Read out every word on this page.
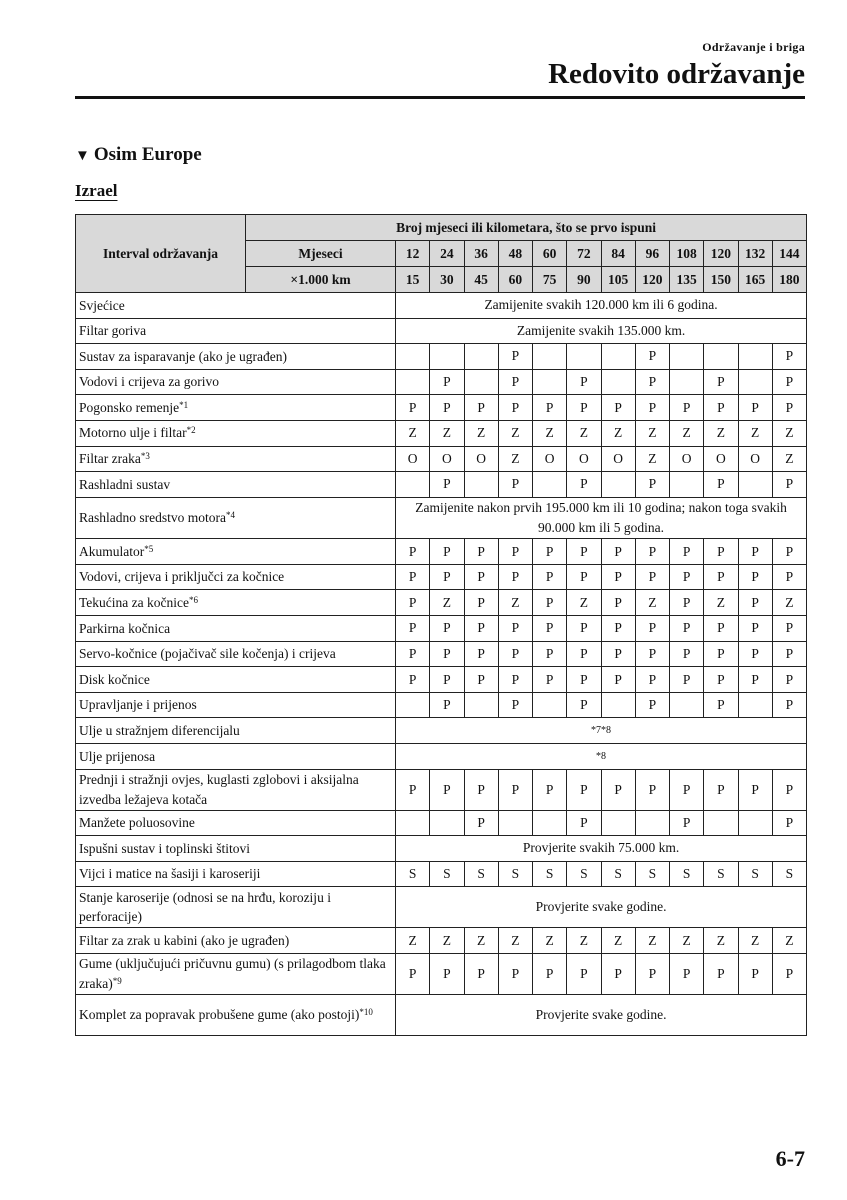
Održavanje i briga
Redovito održavanje
▼ Osim Europe
Izrael
Interval održavanja	Broj mjeseci ili kilometara, što se prvo ispuni												
	Mjeseci	12	24	36	48	60	72	84	96	108	120	132	144
	×1.000 km	15	30	45	60	75	90	105	120	135	150	165	180
Svjećice		Zamijenite svakih 120.000 km ili 6 godina.											
Filtar goriva		Zamijenite svakih 135.000 km.											
Sustav za isparavanje (ako je ugrađen)					P				P				P
Vodovi i crijeva za gorivo			P		P		P		P		P		P
Pogonsko remenje$^{*1}$		P	P	P	P	P	P	P	P	P	P	P	P
Motorno ulje i filtar$^{*2}$		Z	Z	Z	Z	Z	Z	Z	Z	Z	Z	Z	Z
Filtar zraka$^{*3}$		O	O	O	Z	O	O	O	Z	O	O	O	Z
Rashladni sustav			P		P		P		P		P		P
Rashladno sredstvo motora$^{*4}$		Zamijenite nakon prvih 195.000 km ili 10 godina; nakon toga svakih 90.000 km ili 5 godina.											
Akumulator$^{*5}$		P	P	P	P	P	P	P	P	P	P	P	P
Vodovi, crijeva i priključci za kočnice		P	P	P	P	P	P	P	P	P	P	P	P
Tekućina za kočnice$^{*6}$		P	Z	P	Z	P	Z	P	Z	P	Z	P	Z
Parkirna kočnica		P	P	P	P	P	P	P	P	P	P	P	P
Servo-kočnice (pojačivač sile kočenja) i crijeva		P	P	P	P	P	P	P	P	P	P	P	P
Disk kočnice		P	P	P	P	P	P	P	P	P	P	P	P
Upravljanje i prijenos			P		P		P		P		P		P
Ulje u stražnjem diferencijalu		*7*8											
Ulje prijenosa		*8											
Prednji i stražnji ovjes, kuglasti zglobovi i aksijalna izvedba ležajeva kotača		P	P	P	P	P	P	P	P	P	P	P	P
Manžete poluosovine				P			P			P			P
Ispušni sustav i toplinski štitovi		Provjerite svakih 75.000 km.											
Vijci i matice na šasiji i karoseriji		S	S	S	S	S	S	S	S	S	S	S	S
Stanje karoserije (odnosi se na hrđu, koroziju i perforacije)		Provjerite svake godine.											
Filtar za zrak u kabini (ako je ugrađen)		Z	Z	Z	Z	Z	Z	Z	Z	Z	Z	Z	Z
Gume (uključujući pričuvnu gumu) (s prilagodbom tlaka zraka)$^{*9}$		P	P	P	P	P	P	P	P	P	P	P	P
Komplet za popravak probušene gume (ako postoji)$^{*10}$		Provjerite svake godine.											
6-7
